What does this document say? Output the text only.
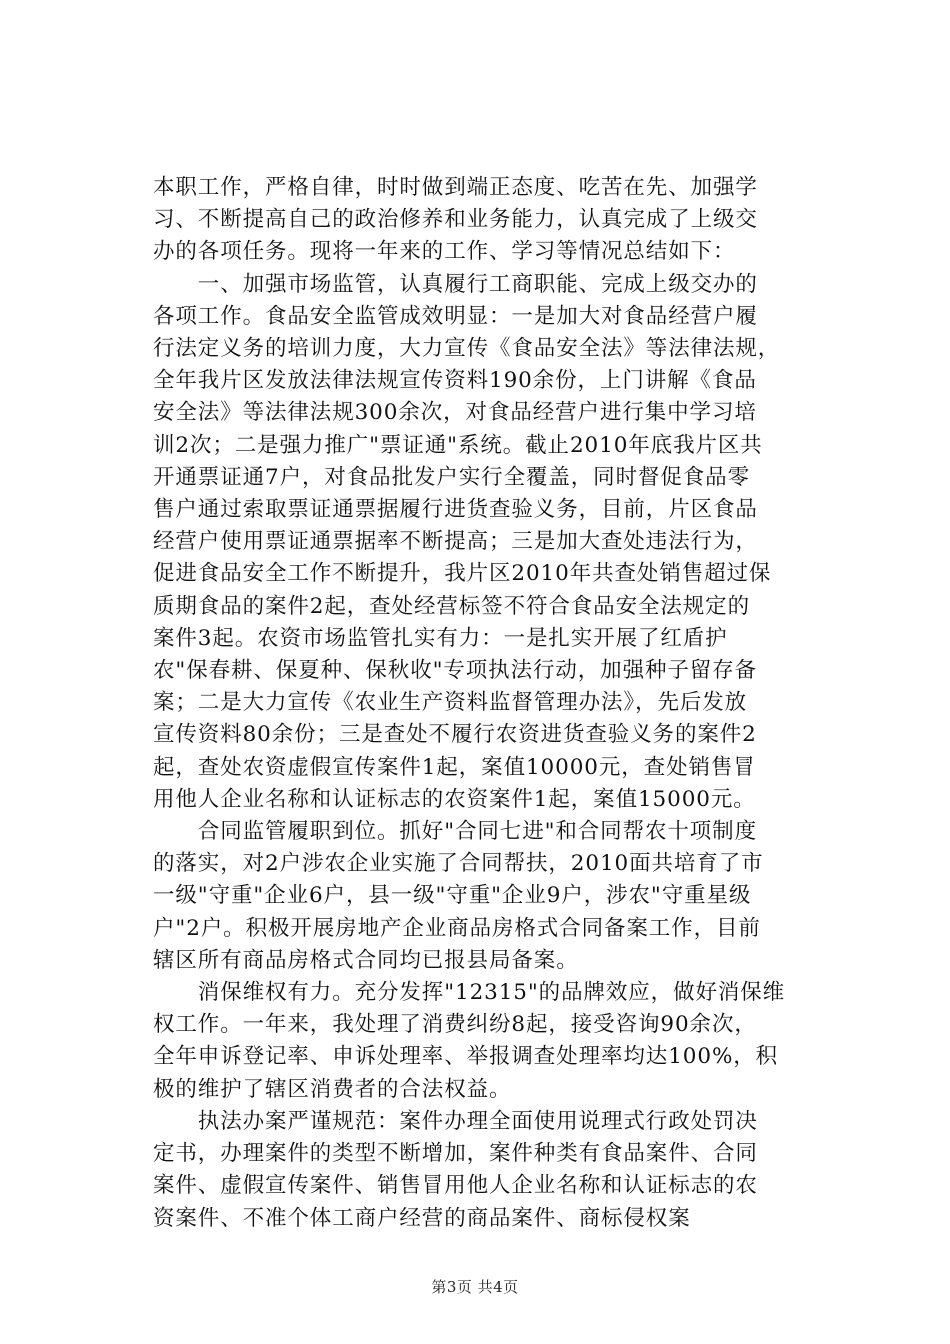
本职工作，严格自律，时时做到端正态度、吃苦在先、加强学

习、不断提高自己的政治修养和业务能力，认真完成了上级交

办的各项任务。现将一年来的工作、学习等情况总结如下：

　　一、加强市场监管，认真履行工商职能、完成上级交办的

各项工作。食品安全监管成效明显：一是加大对食品经营户履

行法定义务的培训力度，大力宣传《食品安全法》等法律法规，

全年我片区发放法律法规宣传资料190余份，上门讲解《食品

安全法》等法律法规300余次，对食品经营户进行集中学习培

训2次；二是强力推广"票证通"系统。截止2010年底我片区共

开通票证通7户，对食品批发户实行全覆盖，同时督促食品零

售户通过索取票证通票据履行进货查验义务，目前，片区食品

经营户使用票证通票据率不断提高；三是加大查处违法行为，

促进食品安全工作不断提升，我片区2010年共查处销售超过保

质期食品的案件2起，查处经营标签不符合食品安全法规定的

案件3起。农资市场监管扎实有力：一是扎实开展了红盾护

农"保春耕、保夏种、保秋收"专项执法行动，加强种子留存备

案；二是大力宣传《农业生产资料监督管理办法》，先后发放

宣传资料80余份；三是查处不履行农资进货查验义务的案件2

起，查处农资虚假宣传案件1起，案值10000元，查处销售冒

用他人企业名称和认证标志的农资案件1起，案值15000元。

　　合同监管履职到位。抓好"合同七进"和合同帮农十项制度

的落实，对2户涉农企业实施了合同帮扶，2010面共培育了市

一级"守重"企业6户，县一级"守重"企业9户，涉农"守重星级

户"2户。积极开展房地产企业商品房格式合同备案工作，目前

辖区所有商品房格式合同均已报县局备案。

　　消保维权有力。充分发挥"12315"的品牌效应，做好消保维

权工作。一年来，我处理了消费纠纷8起，接受咨询90余次，

全年申诉登记率、申诉处理率、举报调查处理率均达100%，积

极的维护了辖区消费者的合法权益。

　　执法办案严谨规范：案件办理全面使用说理式行政处罚决

定书，办理案件的类型不断增加，案件种类有食品案件、合同

案件、虚假宣传案件、销售冒用他人企业名称和认证标志的农

资案件、不准个体工商户经营的商品案件、商标侵权案

第3页 共4页
